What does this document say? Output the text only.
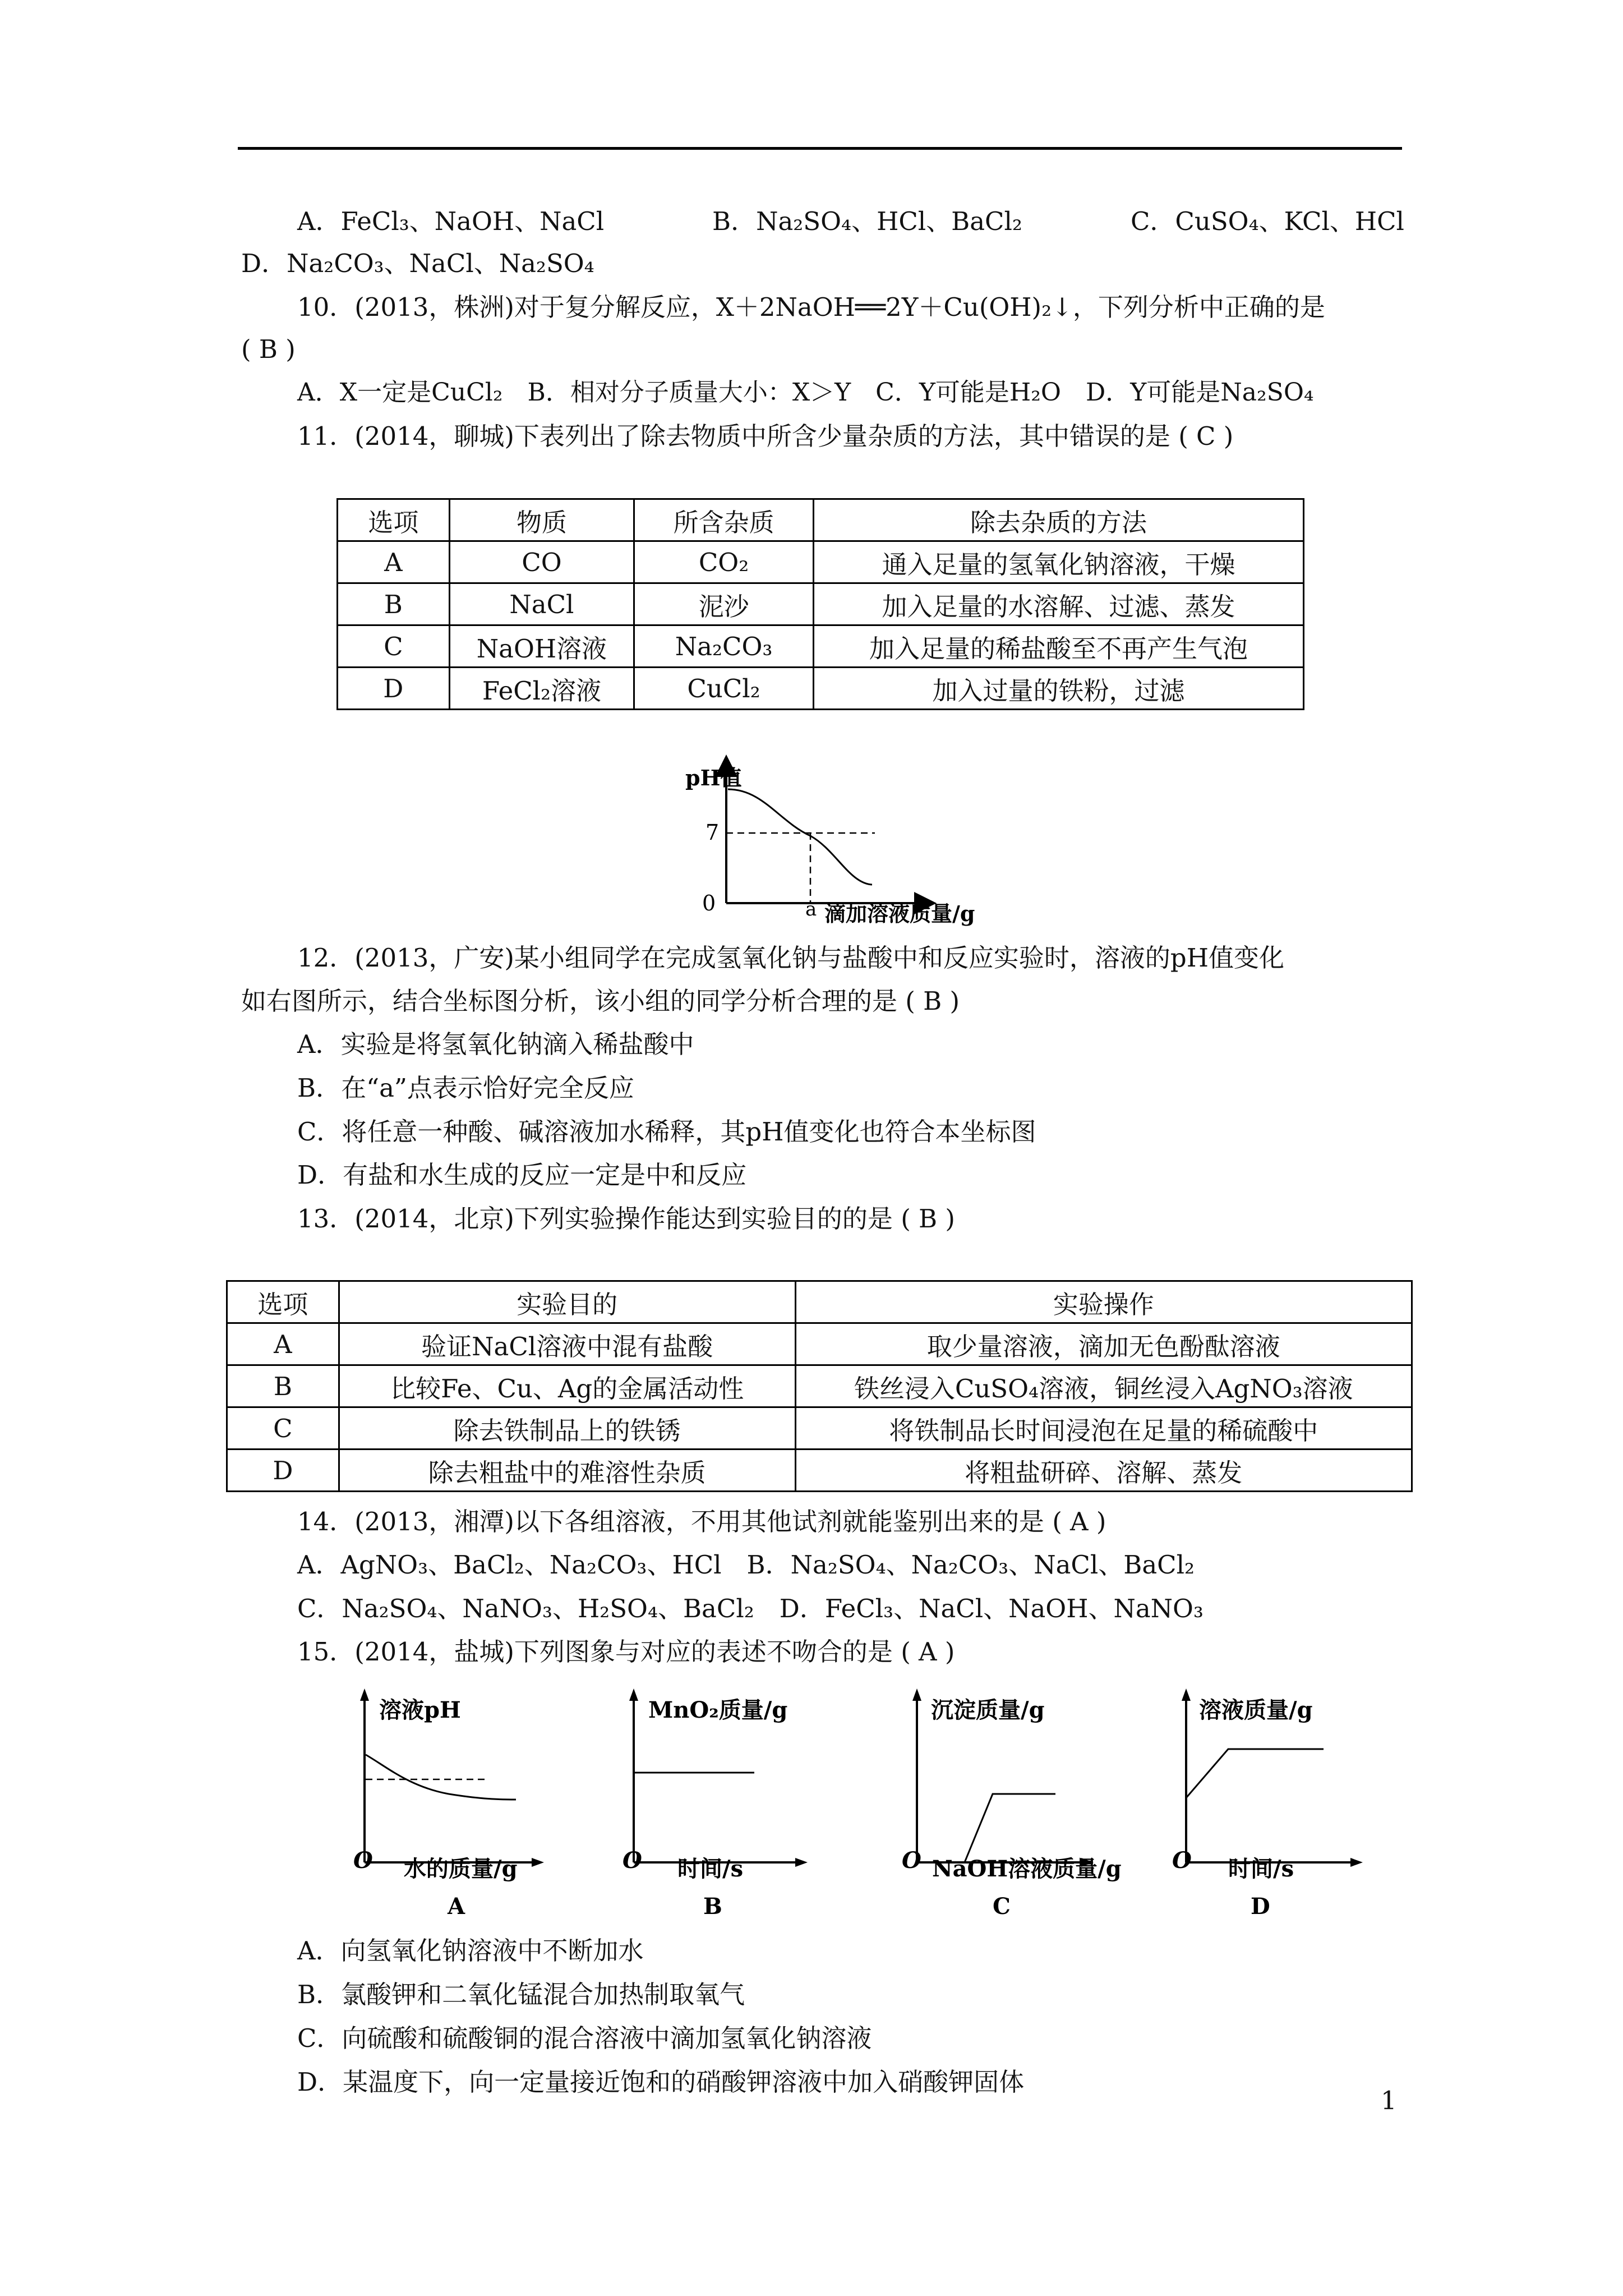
A．FeCl₃、NaOH、NaCl	B．Na₂SO₄、HCl、BaCl₂	C．CuSO₄、KCl、HCl
D．Na₂CO₃、NaCl、Na₂SO₄
10．(2013，株洲)对于复分解反应，X＋2NaOH══2Y＋Cu(OH)₂↓，下列分析中正确的是
( B )
A．X一定是CuCl₂　B．相对分子质量大小：X＞Y　C．Y可能是H₂O　D．Y可能是Na₂SO₄
11．(2014，聊城)下表列出了除去物质中所含少量杂质的方法，其中错误的是 ( C )
选项	物质	所含杂质	除去杂质的方法
A	CO	CO₂	通入足量的氢氧化钠溶液，干燥
B	NaCl	泥沙	加入足量的水溶解、过滤、蒸发
C	NaOH溶液	Na₂CO₃	加入足量的稀盐酸至不再产生气泡
D	FeCl₂溶液	CuCl₂	加入过量的铁粉，过滤
pH值
7
0	a 滴加溶液质量/g
12．(2013，广安)某小组同学在完成氢氧化钠与盐酸中和反应实验时，溶液的pH值变化
如右图所示，结合坐标图分析，该小组的同学分析合理的是 ( B )
A．实验是将氢氧化钠滴入稀盐酸中
B．在“a”点表示恰好完全反应
C．将任意一种酸、碱溶液加水稀释，其pH值变化也符合本坐标图
D．有盐和水生成的反应一定是中和反应
13．(2014，北京)下列实验操作能达到实验目的的是 ( B )
选项	实验目的	实验操作
A	验证NaCl溶液中混有盐酸	取少量溶液，滴加无色酚酞溶液
B	比较Fe、Cu、Ag的金属活动性	铁丝浸入CuSO₄溶液，铜丝浸入AgNO₃溶液
C	除去铁制品上的铁锈	将铁制品长时间浸泡在足量的稀硫酸中
D	除去粗盐中的难溶性杂质	将粗盐研碎、溶解、蒸发
14．(2013，湘潭)以下各组溶液，不用其他试剂就能鉴别出来的是 ( A )
A．AgNO₃、BaCl₂、Na₂CO₃、HCl　B．Na₂SO₄、Na₂CO₃、NaCl、BaCl₂
C．Na₂SO₄、NaNO₃、H₂SO₄、BaCl₂　D．FeCl₃、NaCl、NaOH、NaNO₃
15．(2014，盐城)下列图象与对应的表述不吻合的是 ( A )
溶液pH
O 水的质量/g
A
MnO₂质量/g
O 时间/s
B
沉淀质量/g
O NaOH溶液质量/g
C
溶液质量/g
O 时间/s
D
A．向氢氧化钠溶液中不断加水
B．氯酸钾和二氧化锰混合加热制取氧气
C．向硫酸和硫酸铜的混合溶液中滴加氢氧化钠溶液
D．某温度下，向一定量接近饱和的硝酸钾溶液中加入硝酸钾固体
1
